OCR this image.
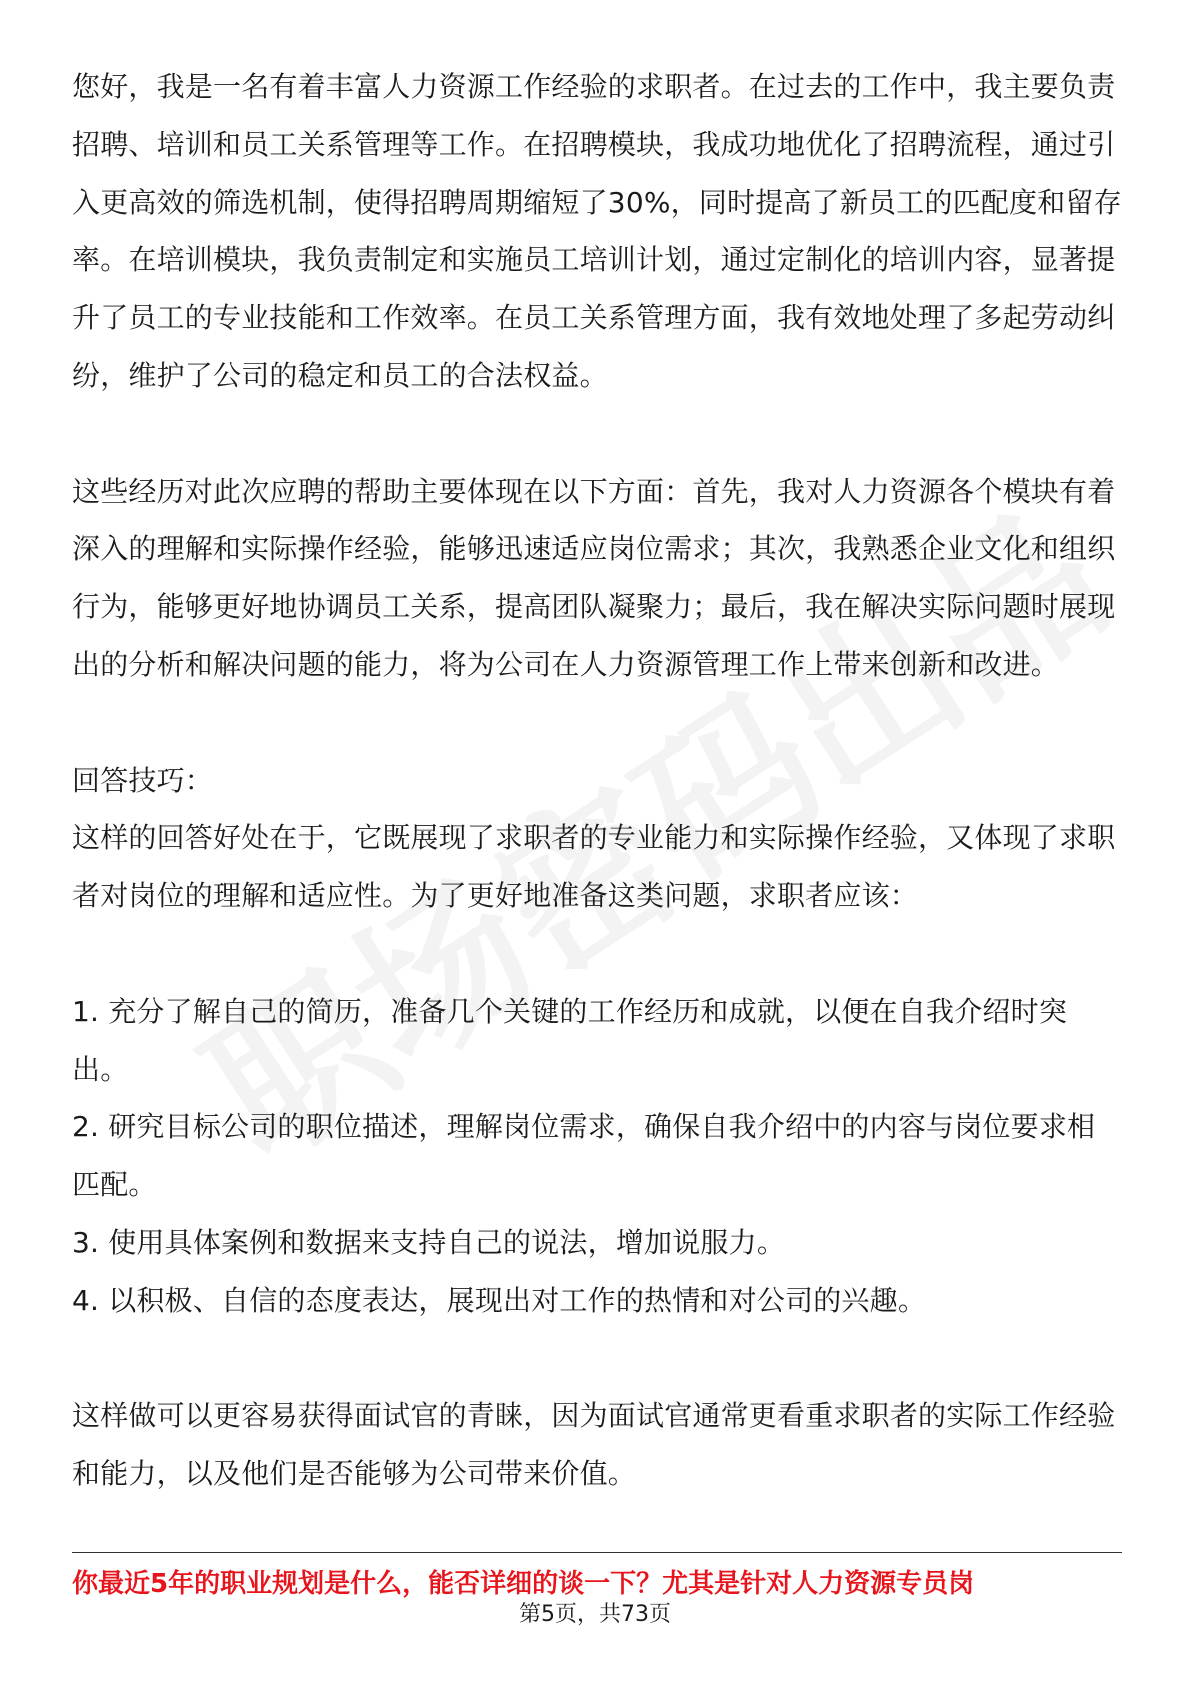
您好，我是一名有着丰富人力资源工作经验的求职者。在过去的工作中，我主要负责招聘、培训和员工关系管理等工作。在招聘模块，我成功地优化了招聘流程，通过引入更高效的筛选机制，使得招聘周期缩短了30%，同时提高了新员工的匹配度和留存率。在培训模块，我负责制定和实施员工培训计划，通过定制化的培训内容，显著提升了员工的专业技能和工作效率。在员工关系管理方面，我有效地处理了多起劳动纠纷，维护了公司的稳定和员工的合法权益。

这些经历对此次应聘的帮助主要体现在以下方面：首先，我对人力资源各个模块有着深入的理解和实际操作经验，能够迅速适应岗位需求；其次，我熟悉企业文化和组织行为，能够更好地协调员工关系，提高团队凝聚力；最后，我在解决实际问题时展现出的分析和解决问题的能力，将为公司在人力资源管理工作上带来创新和改进。

回答技巧：

这样的回答好处在于，它既展现了求职者的专业能力和实际操作经验，又体现了求职者对岗位的理解和适应性。为了更好地准备这类问题，求职者应该：

1. 充分了解自己的简历，准备几个关键的工作经历和成就，以便在自我介绍时突出。

2. 研究目标公司的职位描述，理解岗位需求，确保自我介绍中的内容与岗位要求相匹配。

3. 使用具体案例和数据来支持自己的说法，增加说服力。

4. 以积极、自信的态度表达，展现出对工作的热情和对公司的兴趣。

这样做可以更容易获得面试官的青睐，因为面试官通常更看重求职者的实际工作经验和能力，以及他们是否能够为公司带来价值。

你最近5年的职业规划是什么，能否详细的谈一下？尤其是针对人力资源专员岗

第5页，共73页
